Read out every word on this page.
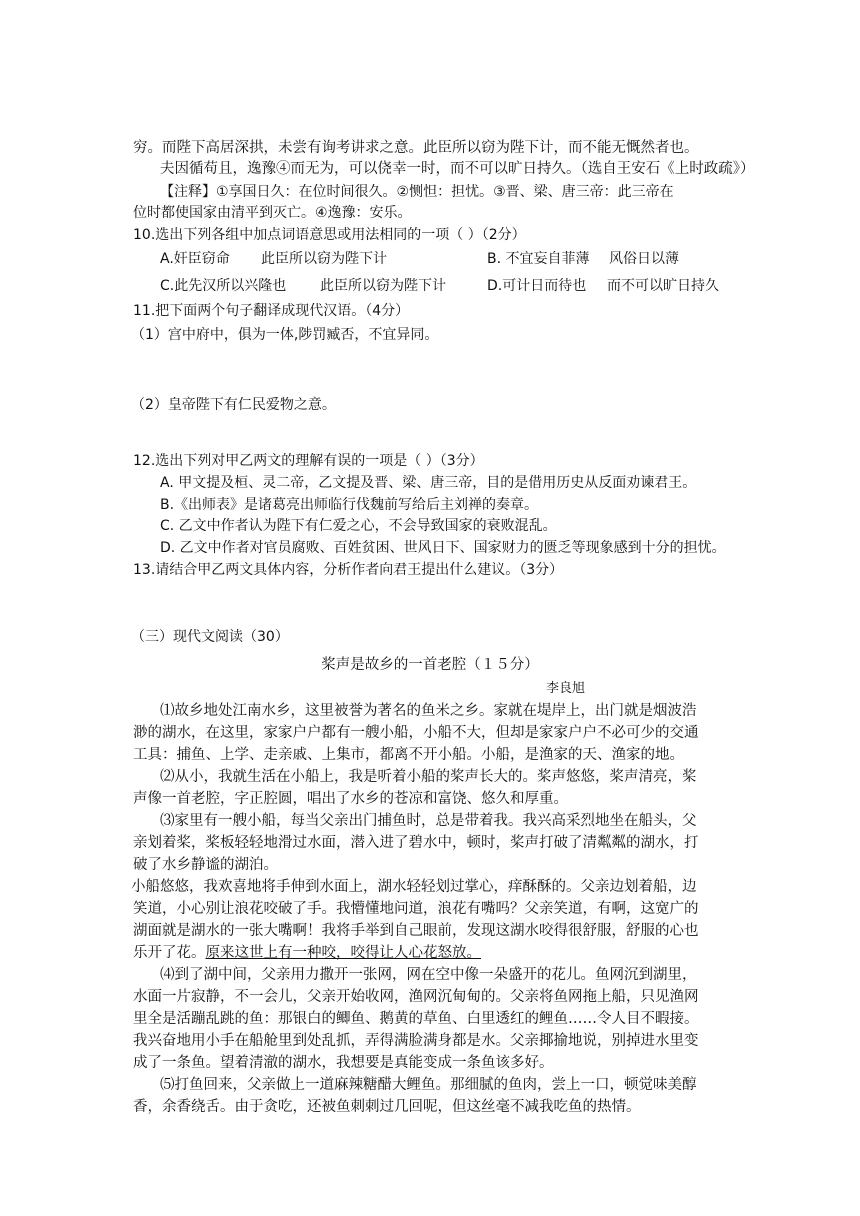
穷。而陛下高居深拱，未尝有询考讲求之意。此臣所以窃为陛下计，而不能无慨然者也。
夫因循苟且，逸豫④而无为，可以侥幸一时，而不可以旷日持久。（选自王安石《上时政疏》）
【注释】①享国日久：在位时间很久。②恻怛：担忧。③晋、梁、唐三帝：此三帝在
位时都使国家由清平到灭亡。④逸豫：安乐。
10.选出下列各组中加点词语意思或用法相同的一项（ ）（2分）
A.奸臣窃命 此臣所以窃为陛下计	B. 不宜妄自菲薄 风俗日以薄
C.此先汉所以兴隆也 此臣所以窃为陛下计	D.可计日而待也 而不可以旷日持久
11.把下面两个句子翻译成现代汉语。（4分）
（1）宫中府中，俱为一体,陟罚臧否，不宜异同。
（2）皇帝陛下有仁民爱物之意。
12.选出下列对甲乙两文的理解有误的一项是（ ）（3分）
A. 甲文提及桓、灵二帝，乙文提及晋、梁、唐三帝，目的是借用历史从反面劝谏君王。
B.《出师表》是诸葛亮出师临行伐魏前写给后主刘禅的奏章。
C. 乙文中作者认为陛下有仁爱之心，不会导致国家的衰败混乱。
D. 乙文中作者对官员腐败、百姓贫困、世风日下、国家财力的匮乏等现象感到十分的担忧。
13.请结合甲乙两文具体内容，分析作者向君王提出什么建议。（3分）
（三）现代文阅读（30）
桨声是故乡的一首老腔（１５分）
李良旭
⑴故乡地处江南水乡，这里被誉为著名的鱼米之乡。家就在堤岸上，出门就是烟波浩
渺的湖水，在这里，家家户户都有一艘小船，小船不大，但却是家家户户不必可少的交通
工具：捕鱼、上学、走亲戚、上集市，都离不开小船。小船，是渔家的天、渔家的地。
⑵从小，我就生活在小船上，我是听着小船的桨声长大的。桨声悠悠，桨声清亮，桨
声像一首老腔，字正腔圆，唱出了水乡的苍凉和富饶、悠久和厚重。
⑶家里有一艘小船，每当父亲出门捕鱼时，总是带着我。我兴高采烈地坐在船头，父
亲划着桨，桨板轻轻地滑过水面，潜入进了碧水中，顿时，桨声打破了清粼粼的湖水，打
破了水乡静谧的湖泊。
小船悠悠，我欢喜地将手伸到水面上，湖水轻轻划过掌心，痒酥酥的。父亲边划着船，边
笑道，小心别让浪花咬破了手。我懵懂地问道，浪花有嘴吗？父亲笑道，有啊，这宽广的
湖面就是湖水的一张大嘴啊！我将手举到自己眼前，发现这湖水咬得很舒服，舒服的心也
乐开了花。原来这世上有一种咬，咬得让人心花怒放。
⑷到了湖中间，父亲用力撒开一张网，网在空中像一朵盛开的花儿。鱼网沉到湖里，
水面一片寂静，不一会儿，父亲开始收网，渔网沉甸甸的。父亲将鱼网拖上船，只见渔网
里全是活蹦乱跳的鱼：那银白的鲫鱼、鹅黄的草鱼、白里透红的鲤鱼……令人目不暇接。
我兴奋地用小手在船舱里到处乱抓，弄得满脸满身都是水。父亲揶揄地说，别掉进水里变
成了一条鱼。望着清澈的湖水，我想要是真能变成一条鱼该多好。
⑸打鱼回来，父亲做上一道麻辣糖醋大鲤鱼。那细腻的鱼肉，尝上一口，顿觉味美醇
香，余香绕舌。由于贪吃，还被鱼刺刺过几回呢，但这丝毫不减我吃鱼的热情。
